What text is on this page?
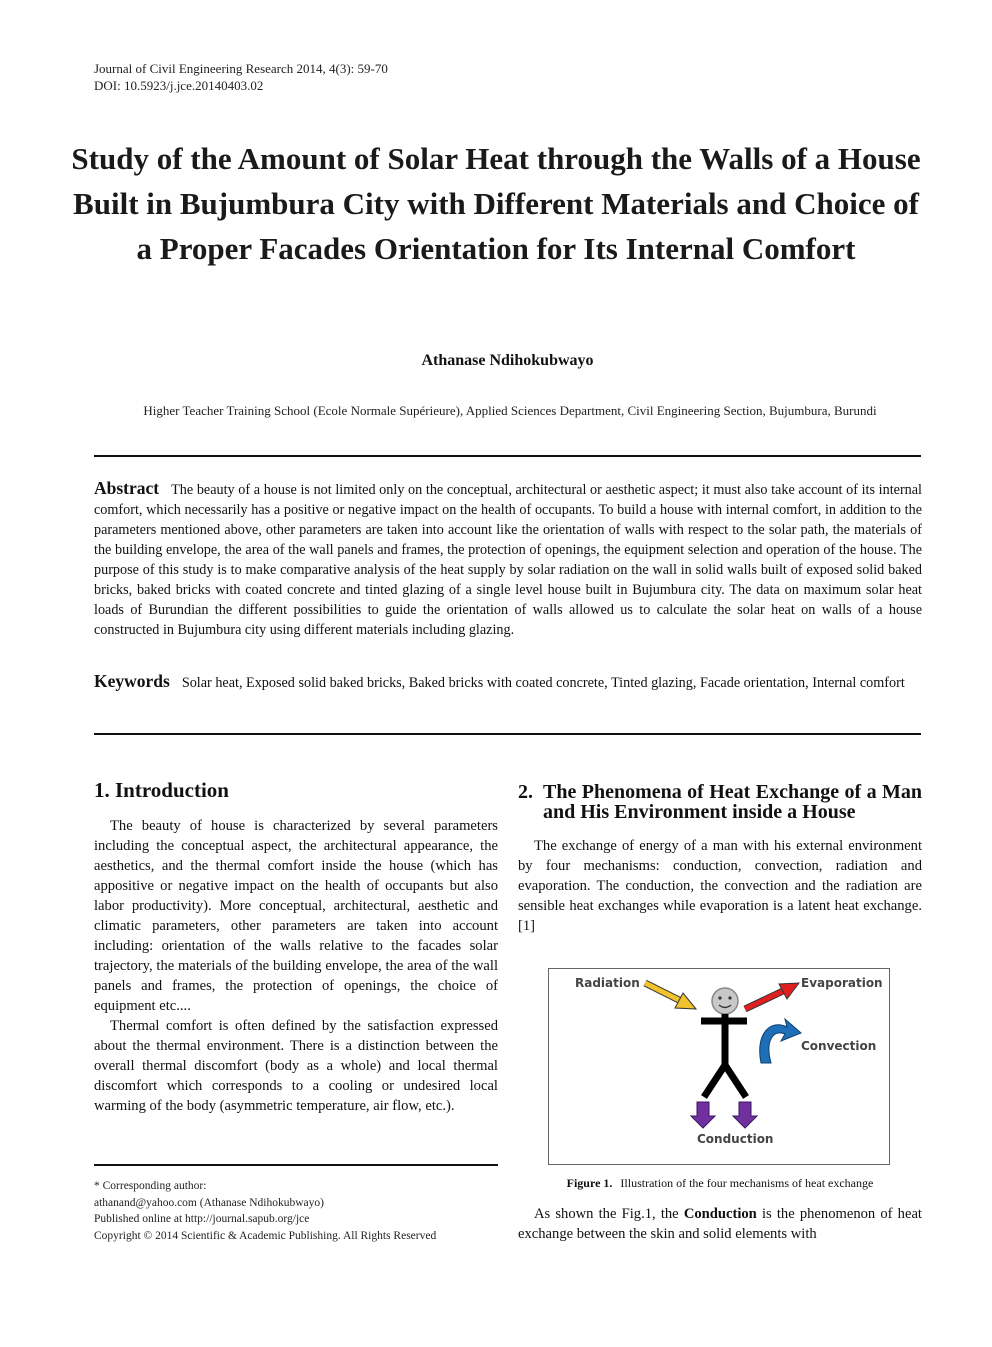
Journal of Civil Engineering Research 2014, 4(3): 59-70
DOI: 10.5923/j.jce.20140403.02
Study of the Amount of Solar Heat through the Walls of a House Built in Bujumbura City with Different Materials and Choice of a Proper Facades Orientation for Its Internal Comfort
Athanase Ndihokubwayo
Higher Teacher Training School (Ecole Normale Supérieure), Applied Sciences Department, Civil Engineering Section, Bujumbura, Burundi
Abstract The beauty of a house is not limited only on the conceptual, architectural or aesthetic aspect; it must also take account of its internal comfort, which necessarily has a positive or negative impact on the health of occupants. To build a house with internal comfort, in addition to the parameters mentioned above, other parameters are taken into account like the orientation of walls with respect to the solar path, the materials of the building envelope, the area of the wall panels and frames, the protection of openings, the equipment selection and operation of the house. The purpose of this study is to make comparative analysis of the heat supply by solar radiation on the wall in solid walls built of exposed solid baked bricks, baked bricks with coated concrete and tinted glazing of a single level house built in Bujumbura city. The data on maximum solar heat loads of Burundian the different possibilities to guide the orientation of walls allowed us to calculate the solar heat on walls of a house constructed in Bujumbura city using different materials including glazing.
Keywords Solar heat, Exposed solid baked bricks, Baked bricks with coated concrete, Tinted glazing, Facade orientation, Internal comfort
1. Introduction

The beauty of house is characterized by several parameters including the conceptual aspect, the architectural appearance, the aesthetics, and the thermal comfort inside the house (which has appositive or negative impact on the health of occupants but also labor productivity). More conceptual, architectural, aesthetic and climatic parameters, other parameters are taken into account including: orientation of the walls relative to the facades solar trajectory, the materials of the building envelope, the area of the wall panels and frames, the protection of openings, the choice of equipment etc....

Thermal comfort is often defined by the satisfaction expressed about the thermal environment. There is a distinction between the overall thermal discomfort (body as a whole) and local thermal discomfort which corresponds to a cooling or undesired local warming of the body (asymmetric temperature, air flow, etc.).

* Corresponding author:
athanand@yahoo.com (Athanase Ndihokubwayo)
Published online at http://journal.sapub.org/jce
Copyright © 2014 Scientific & Academic Publishing. All Rights Reserved
2. The Phenomena of Heat Exchange of a Man and His Environment inside a House

The exchange of energy of a man with his external environment by four mechanisms: conduction, convection, radiation and evaporation. The conduction, the convection and the radiation are sensible heat exchanges while evaporation is a latent heat exchange. [1]

Radiation	Evaporation
Convection
Conduction
Figure 1. Illustration of the four mechanisms of heat exchange

As shown the Fig.1, the Conduction is the phenomenon of heat exchange between the skin and solid elements with
